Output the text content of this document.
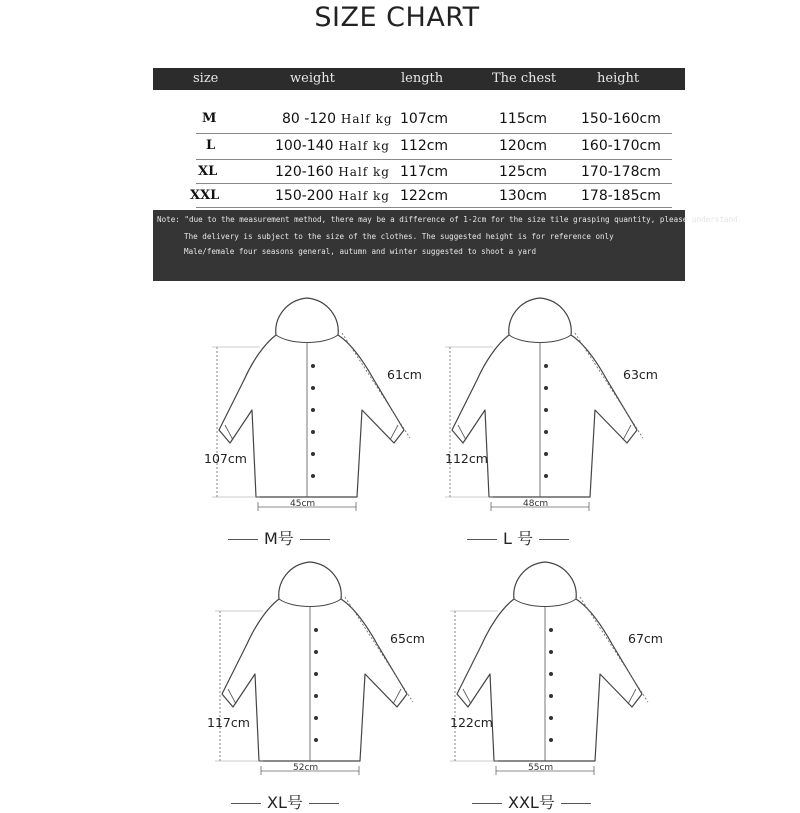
SIZE CHART
size	weight	length	The chest	height
M	80 -120 Half kg 107cm	115cm 150-160cm
L	100-140 Half kg 112cm	120cm 160-170cm
XL	120-160 Half kg 117cm	125cm 170-178cm
XXL	150-200 Half kg 122cm	130cm 178-185cm
Note: "due to the measurement method, there may be a difference of 1-2cm for the size tile grasping quantity, please understand.
The delivery is subject to the size of the clothes. The suggested height is for reference only
Male/female four seasons general, autumn and winter suggested to shoot a yard
107cm
61cm
45cm
M号
112cm
63cm
48cm
L 号
117cm
65cm
52cm
XL号
122cm
67cm
55cm
XXL号
